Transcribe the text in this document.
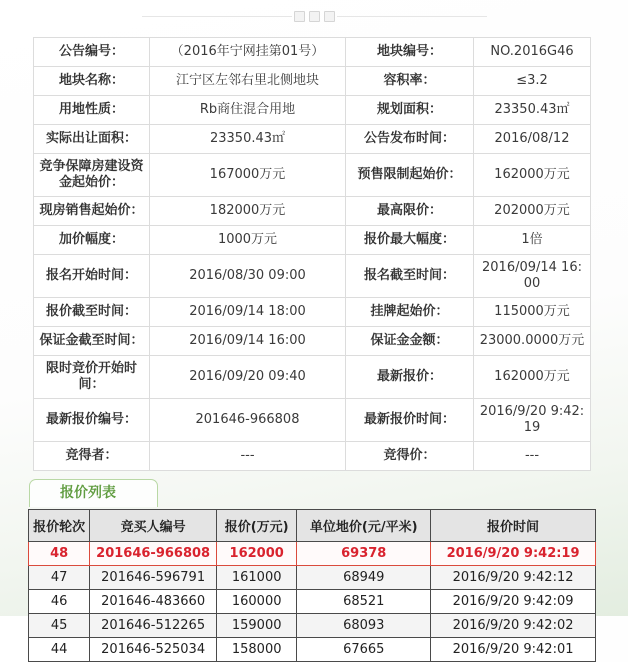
公告编号：	（2016年宁网挂第01号）	地块编号：	NO.2016G46
地块名称：	江宁区左邻右里北侧地块	容积率：	≤3.2
用地性质：	Rb商住混合用地	规划面积：	23350.43㎡
实际出让面积：	23350.43㎡	公告发布时间：	2016/08/12
竞争保障房建设资金起始价：	167000万元	预售限制起始价：	162000万元
现房销售起始价：	182000万元	最高限价：	202000万元
加价幅度：	1000万元	报价最大幅度：	1倍
报名开始时间：	2016/08/30 09:00	报名截至时间：	2016/09/14 16:00
报价截至时间：	2016/09/14 18:00	挂牌起始价：	115000万元
保证金截至时间：	2016/09/14 16:00	保证金金额：	23000.0000万元
限时竞价开始时间：	2016/09/20 09:40	最新报价：	162000万元
最新报价编号：	201646-966808	最新报价时间：	2016/9/20 9:42:19
竞得者：	---	竞得价：	---
报价列表
报价轮次	竞买人编号	报价(万元)	单位地价(元/平米)	报价时间
48	201646-966808	162000	69378	2016/9/20 9:42:19
47	201646-596791	161000	68949	2016/9/20 9:42:12
46	201646-483660	160000	68521	2016/9/20 9:42:09
45	201646-512265	159000	68093	2016/9/20 9:42:02
44	201646-525034	158000	67665	2016/9/20 9:42:01
